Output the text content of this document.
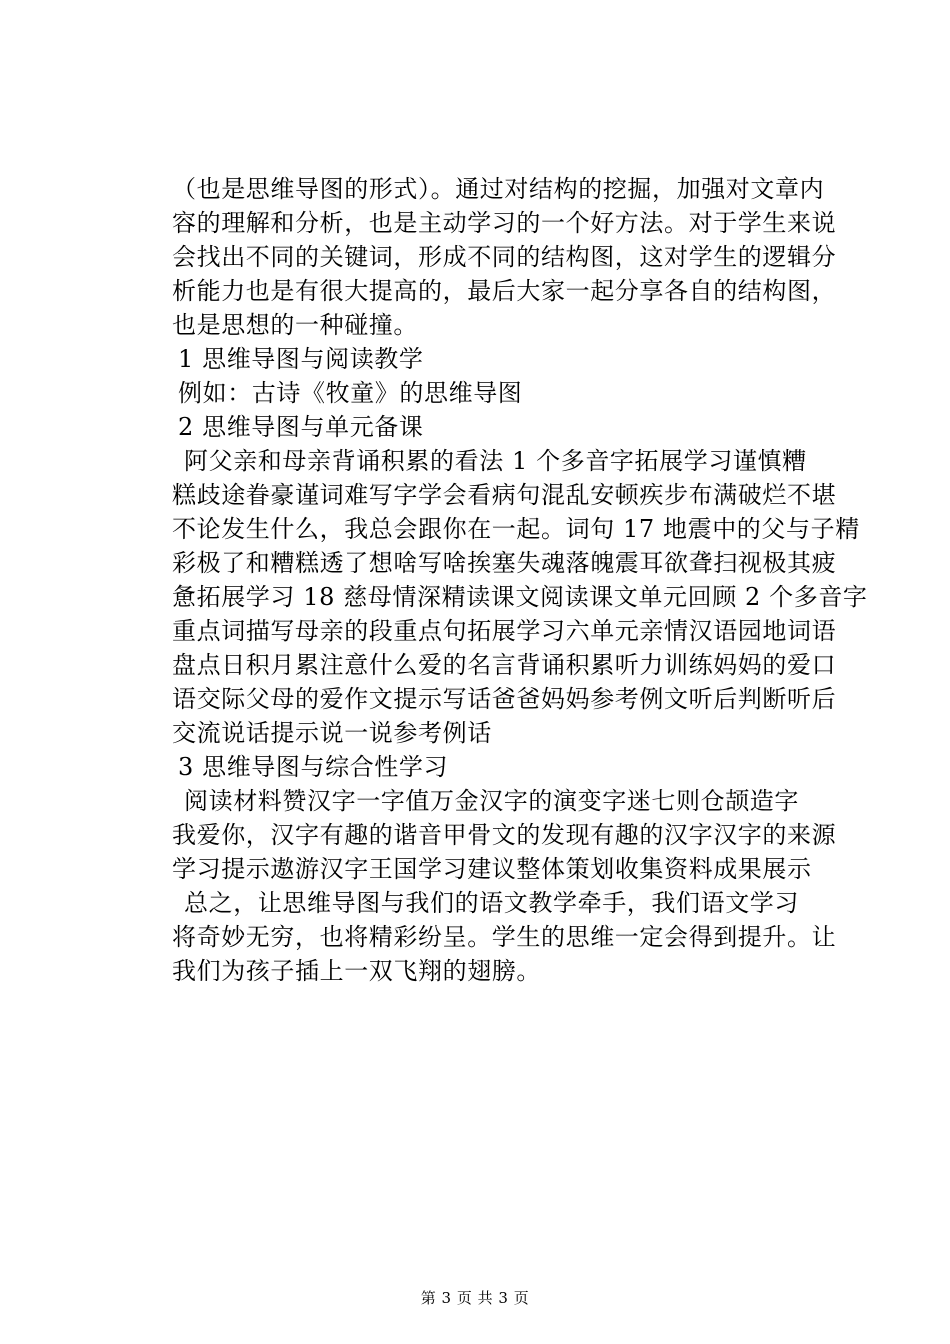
（也是思维导图的形式）。通过对结构的挖掘，加强对文章内
容的理解和分析，也是主动学习的一个好方法。对于学生来说
会找出不同的关键词，形成不同的结构图，这对学生的逻辑分
析能力也是有很大提高的，最后大家一起分享各自的结构图，
也是思想的一种碰撞。
1 思维导图与阅读教学
例如：古诗《牧童》的思维导图
2 思维导图与单元备课
阿父亲和母亲背诵积累的看法 1 个多音字拓展学习谨慎糟
糕歧途眷豪谨词难写字学会看病句混乱安顿疾步布满破烂不堪
不论发生什么，我总会跟你在一起。词句 17 地震中的父与子精
彩极了和糟糕透了想啥写啥挨塞失魂落魄震耳欲聋扫视极其疲
惫拓展学习 18 慈母情深精读课文阅读课文单元回顾 2 个多音字
重点词描写母亲的段重点句拓展学习六单元亲情汉语园地词语
盘点日积月累注意什么爱的名言背诵积累听力训练妈妈的爱口
语交际父母的爱作文提示写话爸爸妈妈参考例文听后判断听后
交流说话提示说一说参考例话
3 思维导图与综合性学习
阅读材料赞汉字一字值万金汉字的演变字迷七则仓颉造字
我爱你，汉字有趣的谐音甲骨文的发现有趣的汉字汉字的来源
学习提示遨游汉字王国学习建议整体策划收集资料成果展示
总之，让思维导图与我们的语文教学牵手，我们语文学习
将奇妙无穷，也将精彩纷呈。学生的思维一定会得到提升。让
我们为孩子插上一双飞翔的翅膀。
第 3 页 共 3 页
